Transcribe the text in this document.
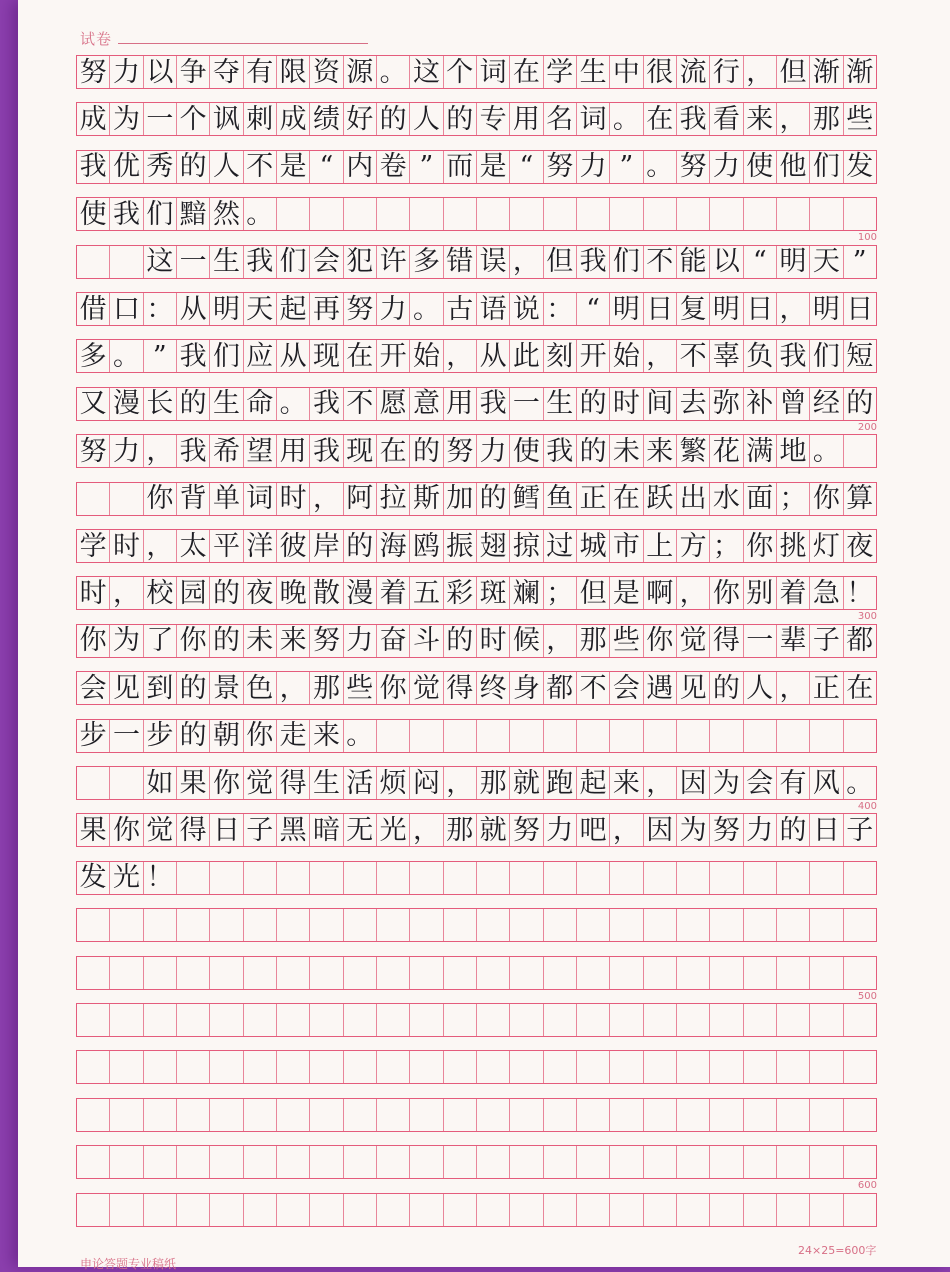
试卷
努 力 以 争 夺 有 限 资 源 。 这 个 词 在 学 生 中 很 流 行 ， 但 渐 渐
成 为 一 个 讽 刺 成 绩 好 的 人 的 专 用 名 词 。 在 我 看 来 ， 那 些
我 优 秀 的 人 不 是 “ 内 卷 ” 而 是 “ 努 力 ” 。 努 力 使 他 们 发
使 我 们 黯 然 。
100
这 一 生 我 们 会 犯 许 多 错 误 ， 但 我 们 不 能 以 “ 明 天 ”
借 口 ： 从 明 天 起 再 努 力 。 古 语 说 ： “ 明 日 复 明 日 ， 明 日
多 。 ” 我 们 应 从 现 在 开 始 ， 从 此 刻 开 始 ， 不 辜 负 我 们 短
又 漫 长 的 生 命 。 我 不 愿 意 用 我 一 生 的 时 间 去 弥 补 曾 经 的
200
努 力 ， 我 希 望 用 我 现 在 的 努 力 使 我 的 未 来 繁 花 满 地 。
你 背 单 词 时 ， 阿 拉 斯 加 的 鳕 鱼 正 在 跃 出 水 面 ； 你 算
学 时 ， 太 平 洋 彼 岸 的 海 鸥 振 翅 掠 过 城 市 上 方 ； 你 挑 灯 夜
时 ， 校 园 的 夜 晚 散 漫 着 五 彩 斑 斓 ； 但 是 啊 ， 你 别 着 急 ！
300
你 为 了 你 的 未 来 努 力 奋 斗 的 时 候 ， 那 些 你 觉 得 一 辈 子 都
会 见 到 的 景 色 ， 那 些 你 觉 得 终 身 都 不 会 遇 见 的 人 ， 正 在
步 一 步 的 朝 你 走 来 。
如 果 你 觉 得 生 活 烦 闷 ， 那 就 跑 起 来 ， 因 为 会 有 风 。
400
果 你 觉 得 日 子 黑 暗 无 光 ， 那 就 努 力 吧 ， 因 为 努 力 的 日 子
发 光 ！
500
600
申论答题专业稿纸
24×25=600字
